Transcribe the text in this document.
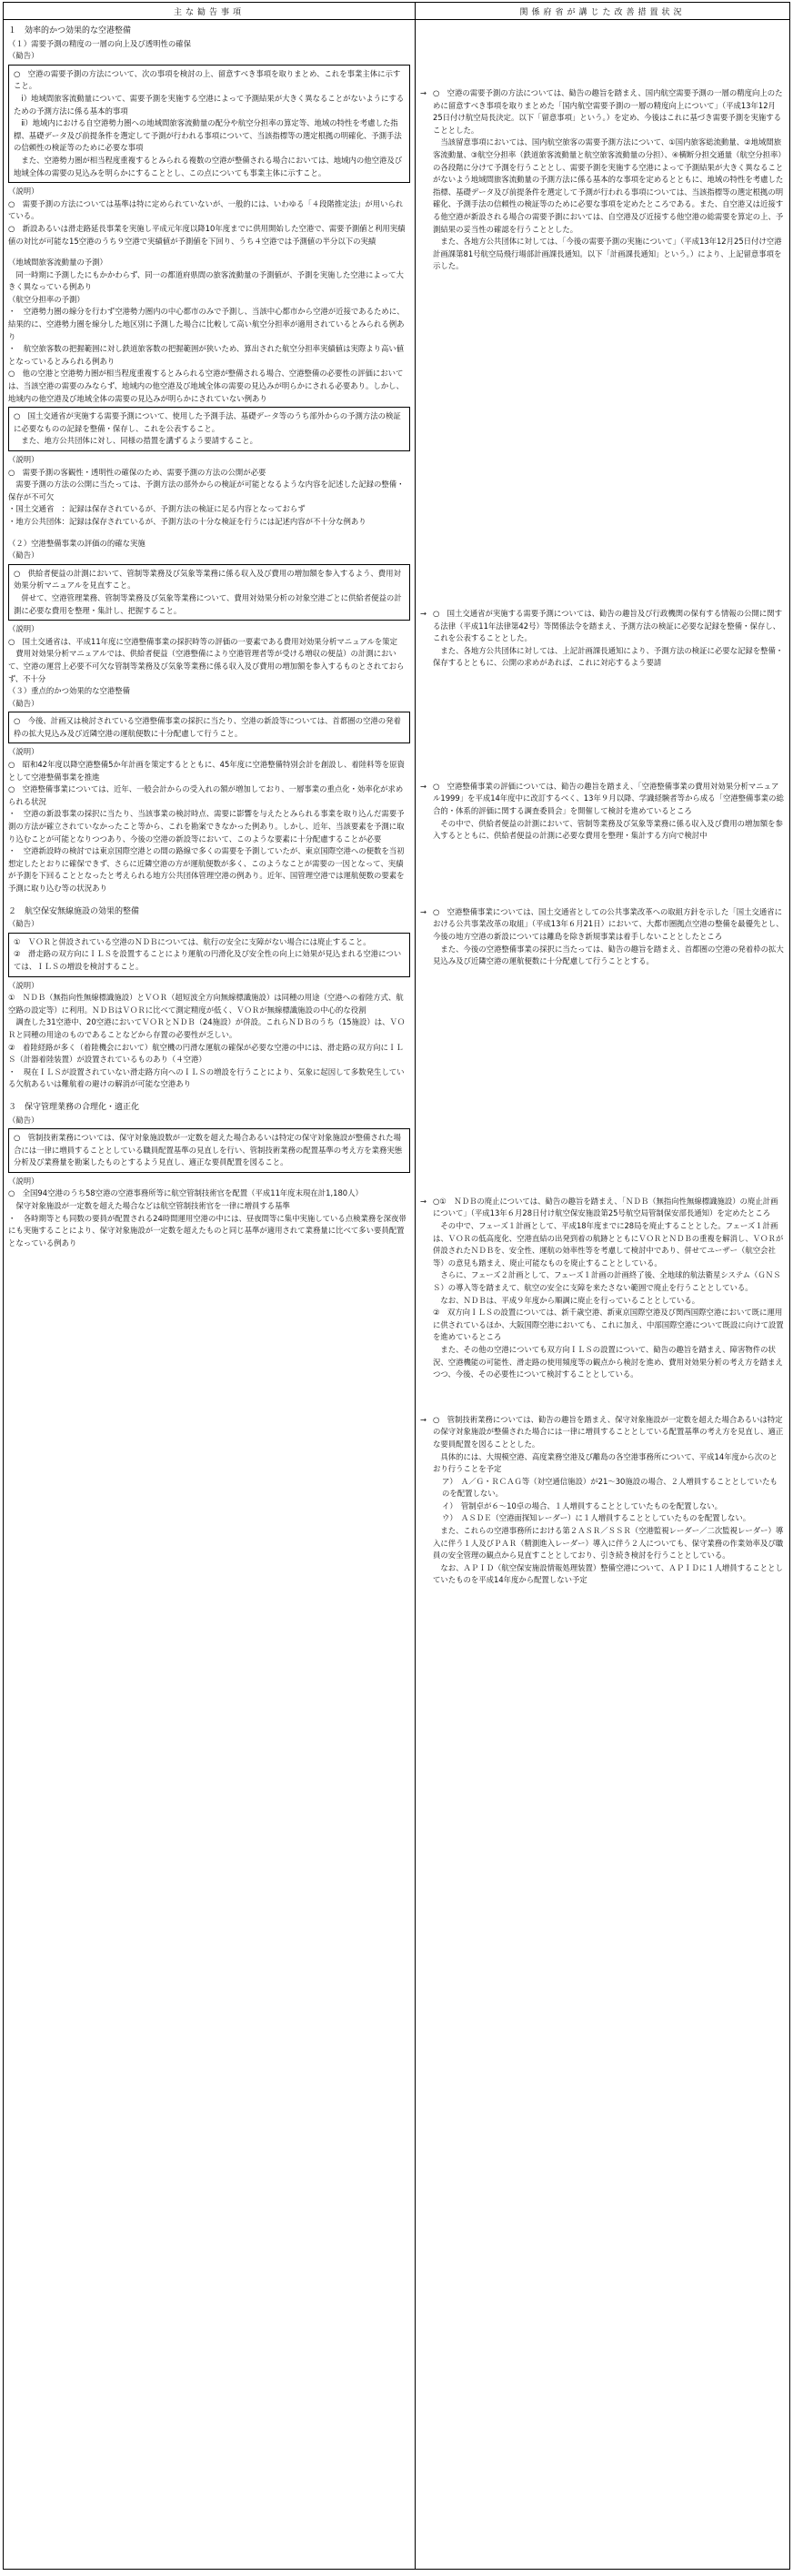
主な勧告事項	関係府省が講じた改善措置状況

１　効率的かつ効果的な空港整備

（１）需要予測の精度の一層の向上及び透明性の確保

（勧告）

○　空港の需要予測の方法について、次の事項を検討の上、留意すべき事項を取りまとめ、これを事業主体に示すこと。
　ⅰ）地域間旅客流動量について、需要予測を実施する空港によって予測結果が大きく異なることがないようにするための予測方法に係る基本的事項
　ⅱ）地域内における自空港勢力圏への地域間旅客流動量の配分や航空分担率の算定等、地域の特性を考慮した指標、基礎データ及び前提条件を選定して予測が行われる事項について、当該指標等の選定根拠の明確化、予測手法の信頼性の検証等のために必要な事項
　また、空港勢力圏が相当程度重複するとみられる複数の空港が整備される場合においては、地域内の他空港及び地域全体の需要の見込みを明らかにすることとし、この点についても事業主体に示すこと。

（説明）

○　需要予測の方法については基準は特に定められていないが、一般的には、いわゆる「４段階推定法」が用いられている。

○　新設あるいは滑走路延長事業を実施し平成元年度以降10年度までに供用開始した空港で、需要予測値と利用実績値の対比が可能な15空港のうち９空港で実績値が予測値を下回り、うち４空港では予測値の半分以下の実績

（地域間旅客流動量の予測）

　同一時期に予測したにもかかわらず、同一の都道府県間の旅客流動量の予測値が、予測を実施した空港によって大きく異なっている例あり

（航空分担率の予測）

・　空港勢力圏の線分を行わず空港勢力圏内の中心都市のみで予測し、当該中心都市から空港が近接であるために、結果的に、空港勢力圏を線分した地区別に予測した場合に比較して高い航空分担率が適用されているとみられる例あり

・　航空旅客数の把握範囲に対し鉄道旅客数の把握範囲が狭いため、算出された航空分担率実績値は実際より高い値となっているとみられる例あり

○　他の空港と空港勢力圏が相当程度重複するとみられる空港が整備される場合、空港整備の必要性の評価においては、当該空港の需要のみならず、地域内の他空港及び地域全体の需要の見込みが明らかにされる必要あり。しかし、地域内の他空港及び地域全体の需要の見込みが明らかにされていない例あり

○　国土交通省が実施する需要予測について、使用した予測手法、基礎データ等のうち部外からの予測方法の検証に必要なものの記録を整備・保存し、これを公表すること。
　また、地方公共団体に対し、同様の措置を講ずるよう要請すること。

（説明）

○　需要予測の客観性・透明性の確保のため、需要予測の方法の公開が必要

　需要予測の方法の公開に当たっては、予測方法の部外からの検証が可能となるような内容を記述した記録の整備・保存が不可欠

・国土交通省　：記録は保存されているが、予測方法の検証に足る内容となっておらず

・地方公共団体：記録は保存されているが、予測方法の十分な検証を行うには記述内容が不十分な例あり

（２）空港整備事業の評価の的確な実施

（勧告）

○　供給者便益の計測において、管制等業務及び気象等業務に係る収入及び費用の増加額を参入するよう、費用対効果分析マニュアルを見直すこと。
　併せて、空港管理業務、管制等業務及び気象等業務について、費用対効果分析の対象空港ごとに供給者便益の計測に必要な費用を整理・集計し、把握すること。

（説明）

○　国土交通省は、平成11年度に空港整備事業の採択時等の評価の一要素である費用対効果分析マニュアルを策定

　費用対効果分析マニュアルでは、供給者便益（空港整備により空港管理者等が受ける増収の便益）の計測において、空港の運営上必要不可欠な管制等業務及び気象等業務に係る収入及び費用の増加額を参入するものとされておらず、不十分

（３）重点的かつ効果的な空港整備

（勧告）

○　今後、計画又は検討されている空港整備事業の採択に当たり、空港の新設等については、首都圏の空港の発着枠の拡大見込み及び近隣空港の運航便数に十分配慮して行うこと。

（説明）

○　昭和42年度以降空港整備5か年計画を策定するとともに、45年度に空港整備特別会計を創設し、着陸料等を原資として空港整備事業を推進

○　空港整備事業については、近年、一般会計からの受入れの額が増加しており、一層事業の重点化・効率化が求められる状況

・　空港の新設事業の採択に当たり、当該事業の検討時点、需要に影響を与えたとみられる事業を取り込んだ需要予測の方法が確立されていなかったこと等から、これを勘案できなかった例あり。しかし、近年、当該要素を予測に取り込むことが可能となりつつあり、今後の空港の新設等において、このような要素に十分配慮することが必要

・　空港新設時の検討では東京国際空港との間の路線で多くの需要を予測していたが、東京国際空港への便数を当初想定したとおりに確保できず、さらに近隣空港の方が運航便数が多く、このようなことが需要の一因となって、実績が予測を下回ることとなったと考えられる地方公共団体管理空港の例あり。近年、国管理空港では運航便数の要素を予測に取り込む等の状況あり

２　航空保安無線施設の効果的整備

（勧告）

①　ＶＯＲと併設されている空港のＮＤＢについては、航行の安全に支障がない場合には廃止すること。
②　滑走路の双方向にＩＬＳを設置することにより運航の円滑化及び安全性の向上に効果が見込まれる空港については、ＩＬＳの増設を検討すること。

（説明）

①　ＮＤＢ（無指向性無線標識施設）とＶＯＲ（超短波全方向無線標識施設）は同種の用途（空港への着陸方式、航空路の設定等）に利用。ＮＤＢはＶＯＲに比べて測定精度が低く、ＶＯＲが無線標識施設の中心的な役割

　調査した31空港中、20空港においてＶＯＲとＮＤＢ（24施設）が併設。これらＮＤＢのうち（15施設）は、ＶＯＲと同種の用途のものであることなどから存置の必要性が乏しい。

②　着陸経路が多く（着陸機会において）航空機の円滑な運航の確保が必要な空港の中には、滑走路の双方向にＩＬＳ（計器着陸装置）が設置されているものあり（４空港）

・　現在ＩＬＳが設置されていない滑走路方向へのＩＬＳの増設を行うことにより、気象に起因して多数発生している欠航あるいは難航着の避けの解消が可能な空港あり

３　保守管理業務の合理化・適正化

（勧告）

○　管制技術業務については、保守対象施設数が一定数を超えた場合あるいは特定の保守対象施設が整備された場合には一律に増員することとしている職員配置基準の見直しを行い、管制技術業務の配置基準の考え方を業務実態分析及び業務量を勘案したものとするよう見直し、適正な要員配置を図ること。

（説明）

○　全国94空港のうち58空港の空港事務所等に航空管制技術官を配置（平成11年度末現在計1,180人）

　保守対象施設が一定数を超えた場合などは航空管制技術官を一律に増員する基準

・　各時期等とも同数の要員が配置される24時間運用空港の中には、昼夜間等に集中実施している点検業務を深夜帯にも実施することにより、保守対象施設が一定数を超えたものと同じ基準が適用されて業務量に比べて多い要員配置となっている例あり

→ ○　空港の需要予測の方法については、勧告の趣旨を踏まえ、国内航空需要予測の一層の精度向上のために留意すべき事項を取りまとめた「国内航空需要予測の一層の精度向上について」（平成13年12月25日付け航空局長決定。以下「留意事項」という。）を定め、今後はこれに基づき需要予測を実施することとした。

　当該留意事項においては、国内航空旅客の需要予測方法について、①国内旅客総流動量、②地域間旅客流動量、③航空分担率（鉄道旅客流動量と航空旅客流動量の分担）、④横断分担交通量（航空分担率）の各段階に分けて予測を行うこととし、需要予測を実施する空港によって予測結果が大きく異なることがないよう地域間旅客流動量の予測方法に係る基本的な事項を定めるとともに、地域の特性を考慮した指標、基礎データ及び前提条件を選定して予測が行われる事項については、当該指標等の選定根拠の明確化、予測手法の信頼性の検証等のために必要な事項を定めたところである。また、自空港又は近接する他空港が新設される場合の需要予測においては、自空港及び近接する他空港の総需要を算定の上、予測結果の妥当性の確認を行うこととした。

　また、各地方公共団体に対しては、「今後の需要予測の実施について」（平成13年12月25日付け空港計画課第81号航空局飛行場部計画課長通知。以下「計画課長通知」という。）により、上記留意事項を示した。

→ ○　国土交通省が実施する需要予測については、勧告の趣旨及び行政機関の保有する情報の公開に関する法律（平成11年法律第42号）等関係法令を踏まえ、予測方法の検証に必要な記録を整備・保存し、これを公表することとした。

　また、各地方公共団体に対しては、上記計画課長通知により、予測方法の検証に必要な記録を整備・保存するとともに、公開の求めがあれば、これに対応するよう要請

→ ○　空港整備事業の評価については、勧告の趣旨を踏まえ、「空港整備事業の費用対効果分析マニュアル1999」を平成14年度中に改訂するべく、13年９月以降、学識経験者等から成る「空港整備事業の総合的・体系的評価に関する調査委員会」を開催して検討を進めているところ

　その中で、供給者便益の計測において、管制等業務及び気象等業務に係る収入及び費用の増加額を参入するとともに、供給者便益の計測に必要な費用を整理・集計する方向で検討中

→ ○　空港整備事業については、国土交通省としての公共事業改革への取組方針を示した「国土交通省における公共事業改革の取組」（平成13年６月21日）において、大都市圏拠点空港の整備を最優先とし、今後の地方空港の新設については離島を除き新規事業は着手しないこととしたところ

　また、今後の空港整備事業の採択に当たっては、勧告の趣旨を踏まえ、首都圏の空港の発着枠の拡大見込み及び近隣空港の運航便数に十分配慮して行うこととする。

→ ○①　ＮＤＢの廃止については、勧告の趣旨を踏まえ、「ＮＤＢ（無指向性無線標識施設）の廃止計画について」（平成13年６月28日付け航空保安施設第25号航空局管制保安部長通知）を定めたところ

　その中で、フェーズ１計画として、平成18年度までに28局を廃止することとした。フェーズ１計画は、ＶＯＲの低高度化、空港直結の出発到着の航跡とともにＶＯＲとＮＤＢの重複を解消し、ＶＯＲが併設されたＮＤＢを、安全性、運航の効率性等を考慮して検討中であり、併せてユーザー（航空会社等）の意見も踏まえ、廃止可能なものを廃止することとしている。

　さらに、フェーズ２計画として、フェーズ１計画の計画終了後、全地球的航法衛星システム（ＧＮＳＳ）の導入等を踏まえて、航空の安全に支障を来たさない範囲で廃止を行うこととしている。

　なお、ＮＤＢは、平成９年度から順調に廃止を行っていることとしている。

②　双方向ＩＬＳの設置については、新千歳空港、新東京国際空港及び関西国際空港において既に運用に供されているほか、大阪国際空港においても、これに加え、中部国際空港について既設に向けて設置を進めているところ

　また、その他の空港についても双方向ＩＬＳの設置について、勧告の趣旨を踏まえ、障害物件の状況、空港機能の可能性、滑走路の使用頻度等の観点から検討を進め、費用対効果分析の考え方を踏まえつつ、今後、その必要性について検討することとしている。

→ ○　管制技術業務については、勧告の趣旨を踏まえ、保守対象施設が一定数を超えた場合あるいは特定の保守対象施設が整備された場合には一律に増員することとしている配置基準の考え方を見直し、適正な要員配置を図ることとした。

　具体的には、大規模空港、高度業務空港及び離島の各空港事務所について、平成14年度から次のとおり行うことを予定

ア）　Ａ／Ｇ・ＲＣＡＧ等（対空通信施設）が21～30施設の場合、２人増員することとしていたものを配置しない。

イ）　管制卓が６～10卓の場合、１人増員することとしていたものを配置しない。

ウ）　ＡＳＤＥ（空港面探知レーダー）に１人増員することとしていたものを配置しない。

　また、これらの空港事務所における第２ＡＳＲ／ＳＳＲ（空港監視レーダー／二次監視レーダー）導入に伴う１人及びＰＡＲ（精測進入レーダー）導入に伴う２人についても、保守業務の作業効率及び職員の安全管理の観点から見直すこととしており、引き続き検討を行うこととしている。

　なお、ＡＰＩＤ（航空保安施設情報処理装置）整備空港について、ＡＰＩＤに１人増員することとしていたものを平成14年度から配置しない予定
